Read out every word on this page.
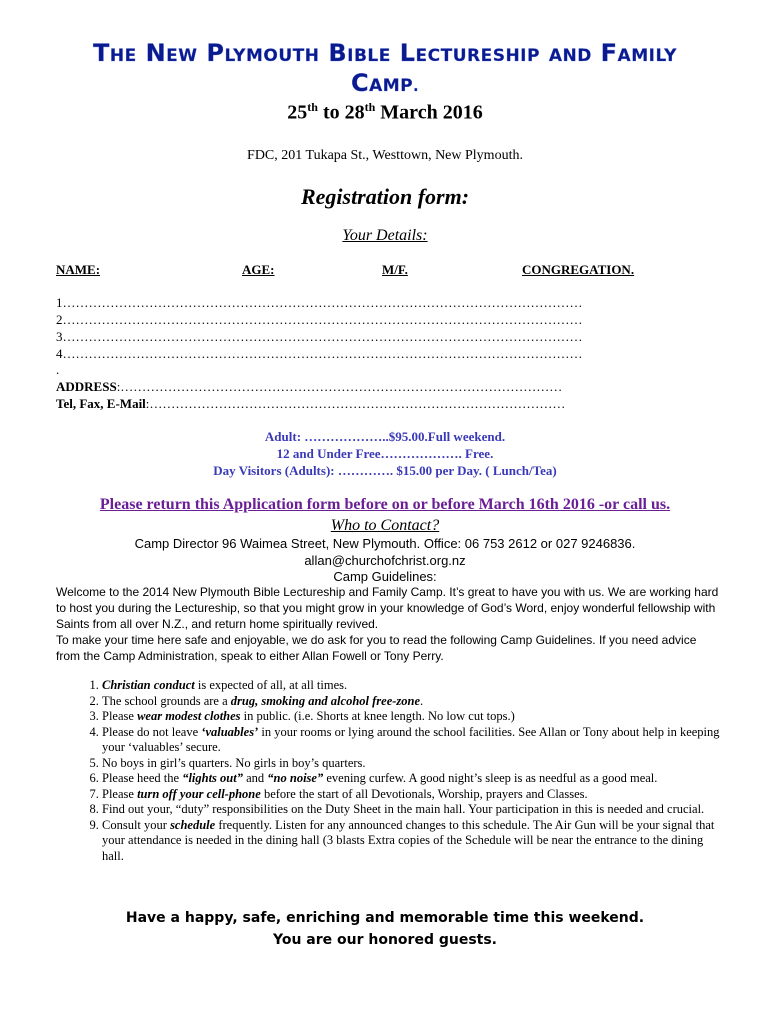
The New Plymouth Bible Lectureship and Family
Camp.
25th to 28th March 2016
FDC, 201 Tukapa St., Westtown, New Plymouth.
Registration form:
Your Details:
NAME:	AGE:	M/F.	CONGREGATION.
1…………………………………………………………………………………………………………
2…………………………………………………………………………………………………………
3…………………………………………………………………………………………………………
4…………………………………………………………………………………………………………
.
ADDRESS:…………………………………………………………………………………………
Tel, Fax, E-Mail:……………………………………………………………………………………
Adult: ………………..$95.00.Full weekend.
12 and Under Free………………. Free.
Day Visitors (Adults): …………. $15.00 per Day. ( Lunch/Tea)
Please return this Application form before on or before March 16th 2016 -or call us.
Who to Contact?
Camp Director 96 Waimea Street, New Plymouth. Office: 06 753 2612 or 027 9246836.
allan@churchofchrist.org.nz
Camp Guidelines:

Welcome to the 2014 New Plymouth Bible Lectureship and Family Camp. It’s great to have you with us. We are working hard to host you during the Lectureship, so that you might grow in your knowledge of God’s Word, enjoy wonderful fellowship with Saints from all over N.Z., and return home spiritually revived.

To make your time here safe and enjoyable, we do ask for you to read the following Camp Guidelines. If you need advice from the Camp Administration, speak to either Allan Fowell or Tony Perry.

1. Christian conduct is expected of all, at all times.
2. The school grounds are a drug, smoking and alcohol free-zone.
3. Please wear modest clothes in public. (i.e. Shorts at knee length. No low cut tops.)
4. Please do not leave ‘valuables’ in your rooms or lying around the school facilities. See Allan or Tony about help in keeping your ‘valuables’ secure.
5. No boys in girl’s quarters. No girls in boy’s quarters.
6. Please heed the “lights out” and “no noise” evening curfew. A good night’s sleep is as needful as a good meal.
7. Please turn off your cell-phone before the start of all Devotionals, Worship, prayers and Classes.
8. Find out your, “duty” responsibilities on the Duty Sheet in the main hall. Your participation in this is needed and crucial.
9. Consult your schedule frequently. Listen for any announced changes to this schedule. The Air Gun will be your signal that your attendance is needed in the dining hall (3 blasts Extra copies of the Schedule will be near the entrance to the dining hall.
Have a happy, safe, enriching and memorable time this weekend.
You are our honored guests.
